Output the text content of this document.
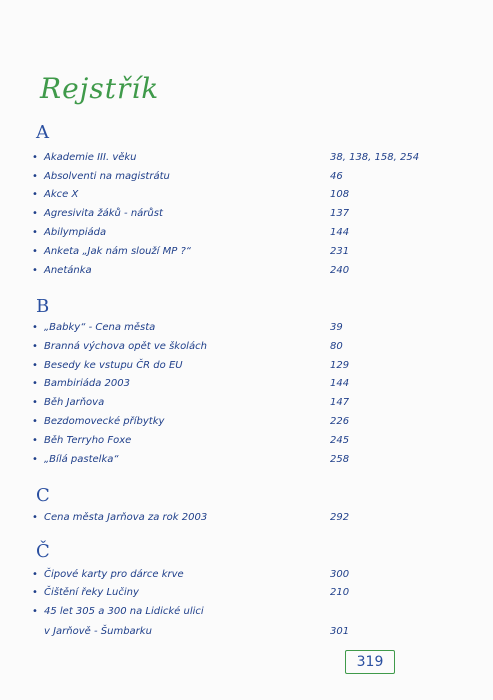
Rejstřík
A
• Akademie III. věku	38, 138, 158, 254
• Absolventi na magistrátu	46
• Akce X	108
• Agresivita žáků - nárůst	137
• Abilympiáda	144
• Anketa „Jak nám slouží MP ?“	231
• Anetánka	240
B
• „Babky“ - Cena města	39
• Branná výchova opět ve školách	80
• Besedy ke vstupu ČR do EU	129
• Bambiriáda 2003	144
• Běh Jarňova	147
• Bezdomovecké příbytky	226
• Běh Terryho Foxe	245
• „Bílá pastelka“	258
C
• Cena města Jarňova za rok 2003	292
Č
• Čipové karty pro dárce krve	300
• Čištění řeky Lučiny	210
• 45 let 305 a 300 na Lidické ulici
v Jarňově - Šumbarku	301
319
